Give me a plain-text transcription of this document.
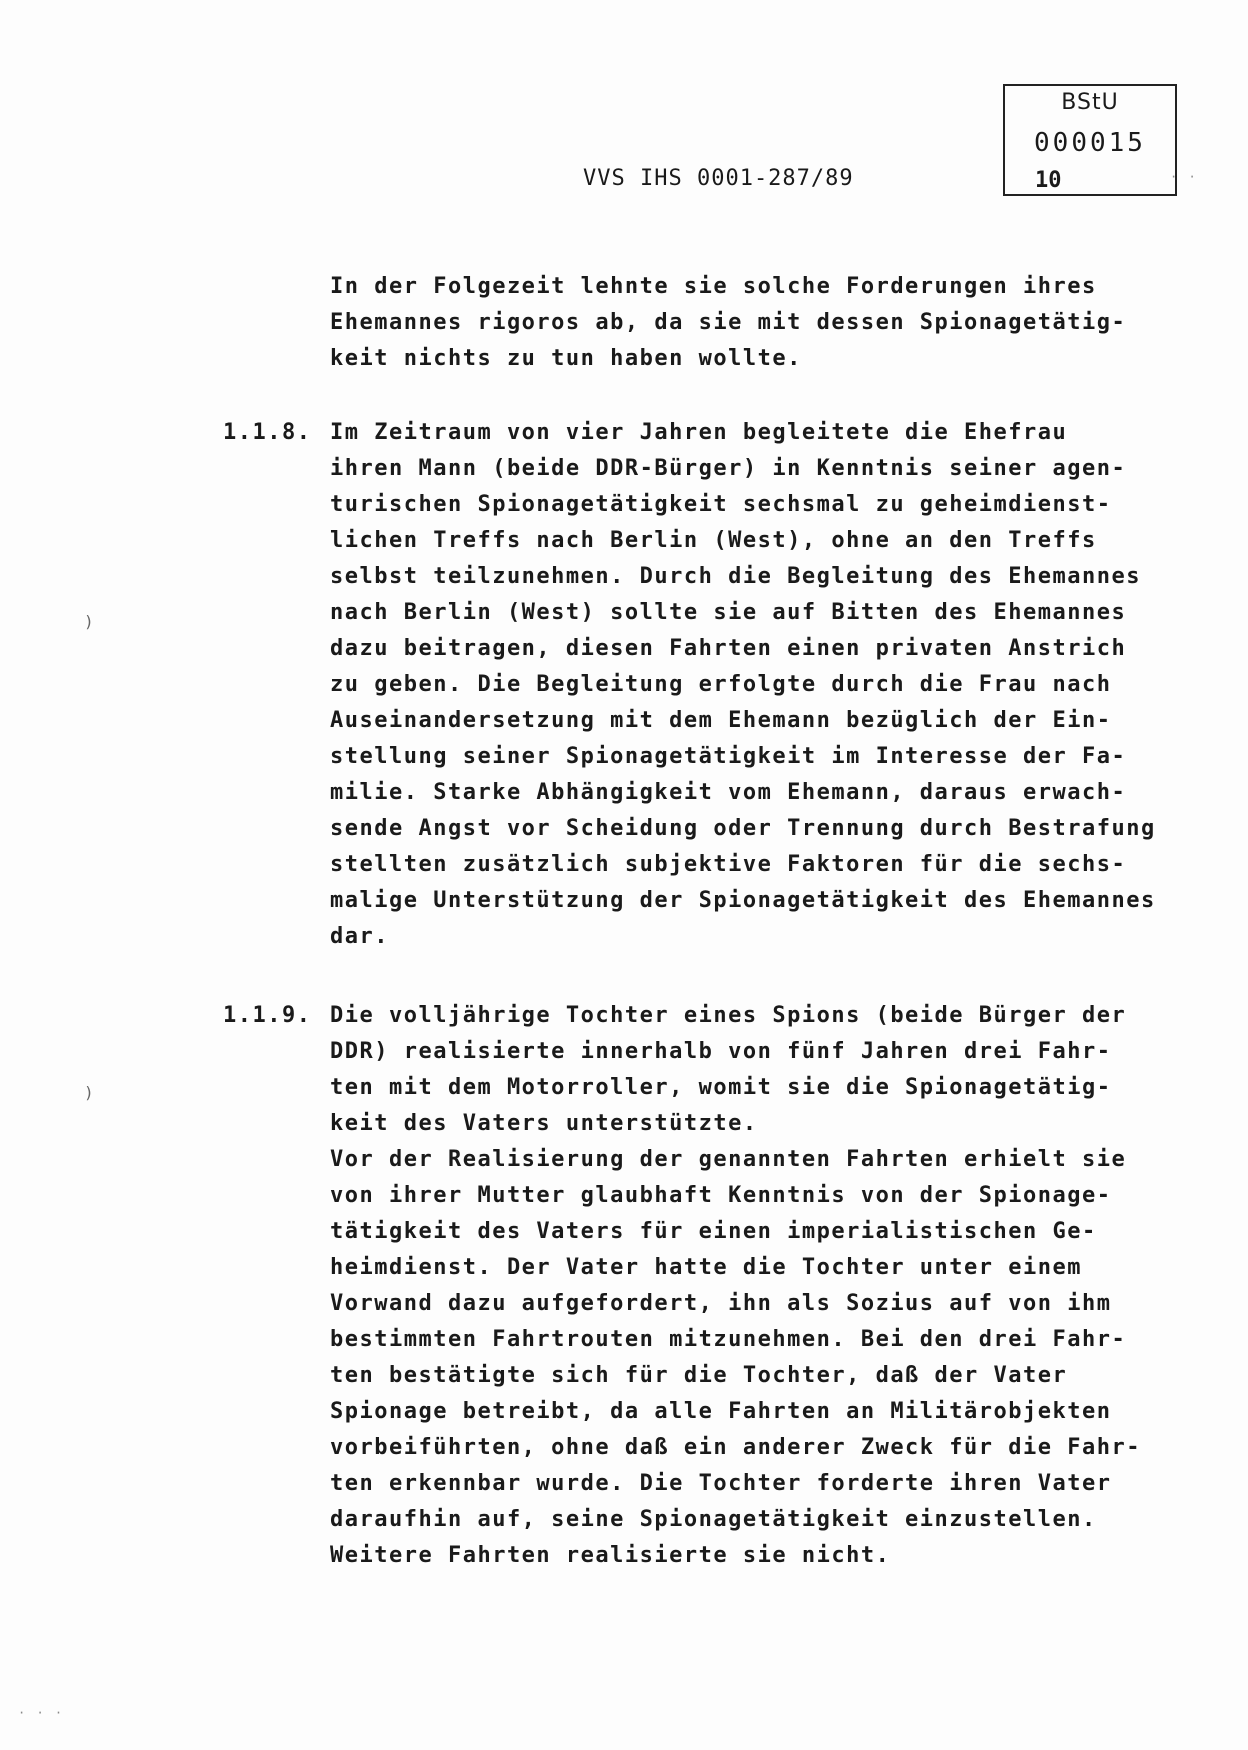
BStU
000015
10
VVS IHS 0001-287/89
In der Folgezeit lehnte sie solche Forderungen ihres
Ehemannes rigoros ab, da sie mit dessen Spionagetätig-
keit nichts zu tun haben wollte.
1.1.8. Im Zeitraum von vier Jahren begleitete die Ehefrau
ihren Mann (beide DDR-Bürger) in Kenntnis seiner agen-
turischen Spionagetätigkeit sechsmal zu geheimdienst-
lichen Treffs nach Berlin (West), ohne an den Treffs
selbst teilzunehmen. Durch die Begleitung des Ehemannes
nach Berlin (West) sollte sie auf Bitten des Ehemannes
dazu beitragen, diesen Fahrten einen privaten Anstrich
zu geben. Die Begleitung erfolgte durch die Frau nach
Auseinandersetzung mit dem Ehemann bezüglich der Ein-
stellung seiner Spionagetätigkeit im Interesse der Fa-
milie. Starke Abhängigkeit vom Ehemann, daraus erwach-
sende Angst vor Scheidung oder Trennung durch Bestrafung
stellten zusätzlich subjektive Faktoren für die sechs-
malige Unterstützung der Spionagetätigkeit des Ehemannes
dar.
1.1.9. Die volljährige Tochter eines Spions (beide Bürger der
DDR) realisierte innerhalb von fünf Jahren drei Fahr-
ten mit dem Motorroller, womit sie die Spionagetätig-
keit des Vaters unterstützte.
Vor der Realisierung der genannten Fahrten erhielt sie
von ihrer Mutter glaubhaft Kenntnis von der Spionage-
tätigkeit des Vaters für einen imperialistischen Ge-
heimdienst. Der Vater hatte die Tochter unter einem
Vorwand dazu aufgefordert, ihn als Sozius auf von ihm
bestimmten Fahrtrouten mitzunehmen. Bei den drei Fahr-
ten bestätigte sich für die Tochter, daß der Vater
Spionage betreibt, da alle Fahrten an Militärobjekten
vorbeiführten, ohne daß ein anderer Zweck für die Fahr-
ten erkennbar wurde. Die Tochter forderte ihren Vater
daraufhin auf, seine Spionagetätigkeit einzustellen.
Weitere Fahrten realisierte sie nicht.
)
)
· · ·
· ·
